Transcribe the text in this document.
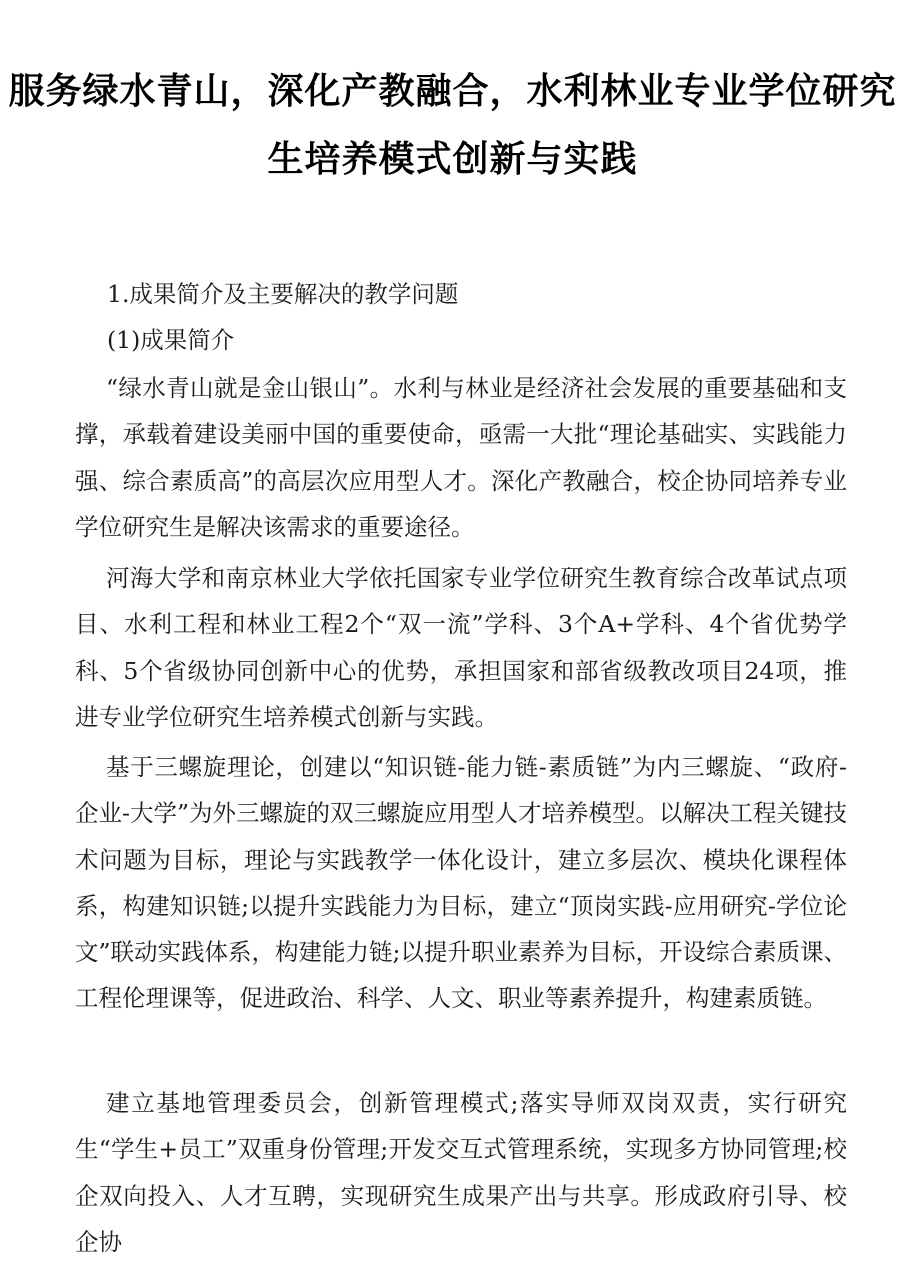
服务绿水青山，深化产教融合，水利林业专业学位研究
生培养模式创新与实践
1.成果简介及主要解决的教学问题
(1)成果简介

“绿水青山就是金山银山”。水利与林业是经济社会发展的重要基础和支撑，承载着建设美丽中国的重要使命，亟需一大批“理论基础实、实践能力强、综合素质高”的高层次应用型人才。深化产教融合，校企协同培养专业学位研究生是解决该需求的重要途径。

河海大学和南京林业大学依托国家专业学位研究生教育综合改革试点项目、水利工程和林业工程2个“双一流”学科、3个A+学科、4个省优势学科、5个省级协同创新中心的优势，承担国家和部省级教改项目24项，推进专业学位研究生培养模式创新与实践。

基于三螺旋理论，创建以“知识链-能力链-素质链”为内三螺旋、“政府-企业-大学”为外三螺旋的双三螺旋应用型人才培养模型。以解决工程关键技术问题为目标，理论与实践教学一体化设计，建立多层次、模块化课程体系，构建知识链;以提升实践能力为目标，建立“顶岗实践-应用研究-学位论文”联动实践体系，构建能力链;以提升职业素养为目标，开设综合素质课、工程伦理课等，促进政治、科学、人文、职业等素养提升，构建素质链。

建立基地管理委员会，创新管理模式;落实导师双岗双责，实行研究生“学生+员工”双重身份管理;开发交互式管理系统，实现多方协同管理;校企双向投入、人才互聘，实现研究生成果产出与共享。形成政府引导、校企协
